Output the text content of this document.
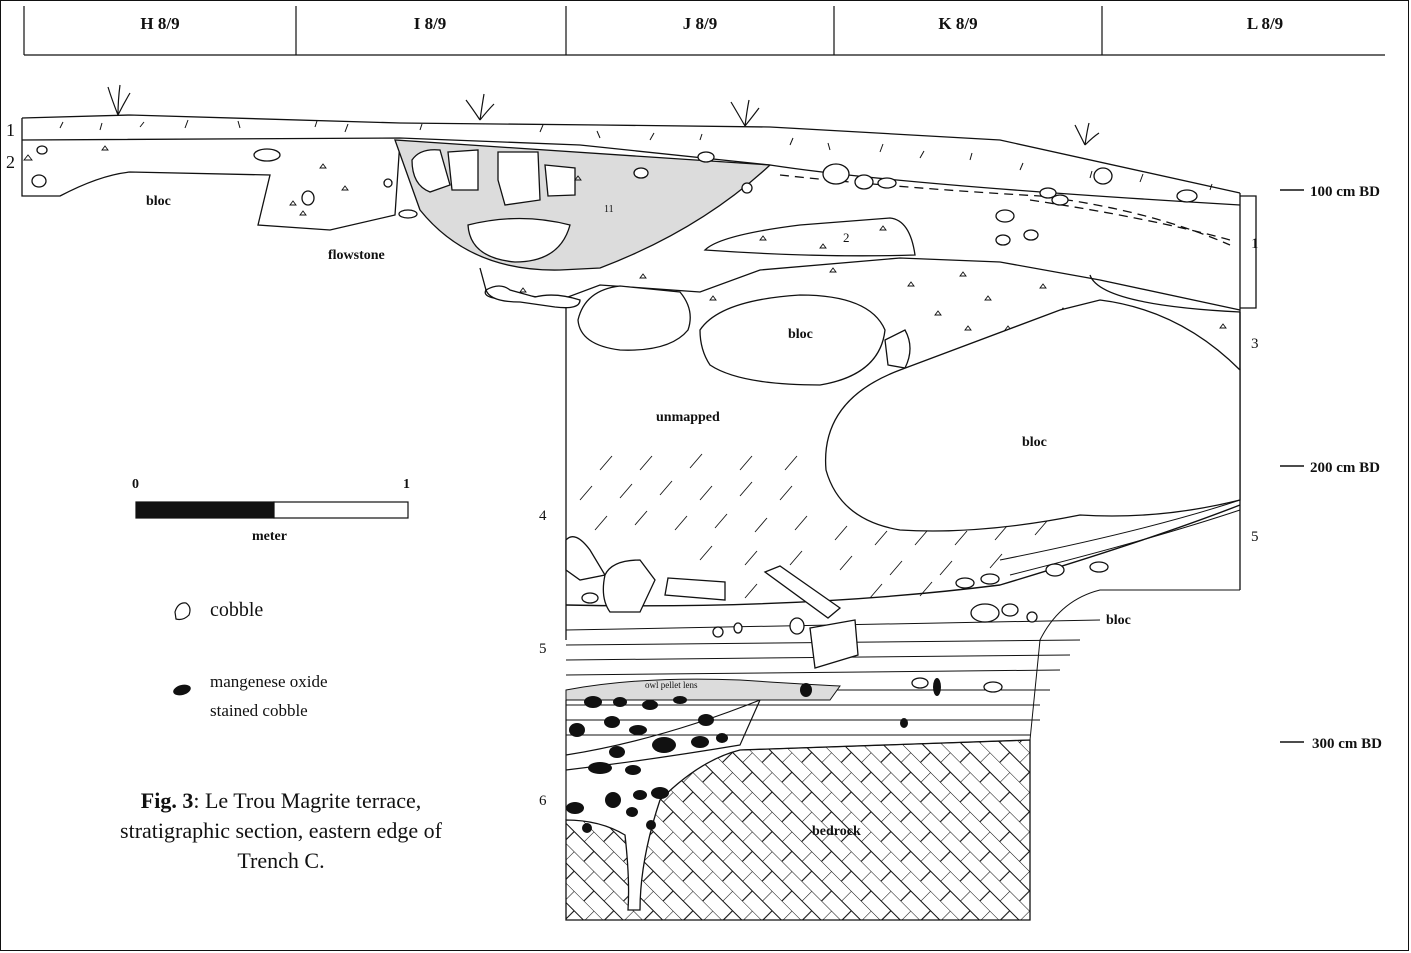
H 8/9	I 8/9	J 8/9	K 8/9	L 8/9
100 cm BD
200 cm BD
300 cm BD
1
2
1
2
11
3
4
5
5
6
bloc
flowstone
bloc
unmapped
bloc
bloc
owl pellet lens
bedrock
0	1
meter
cobble
mangenese oxide
stained cobble
Fig. 3: Le Trou Magrite terrace, stratigraphic section, eastern edge of Trench C.
